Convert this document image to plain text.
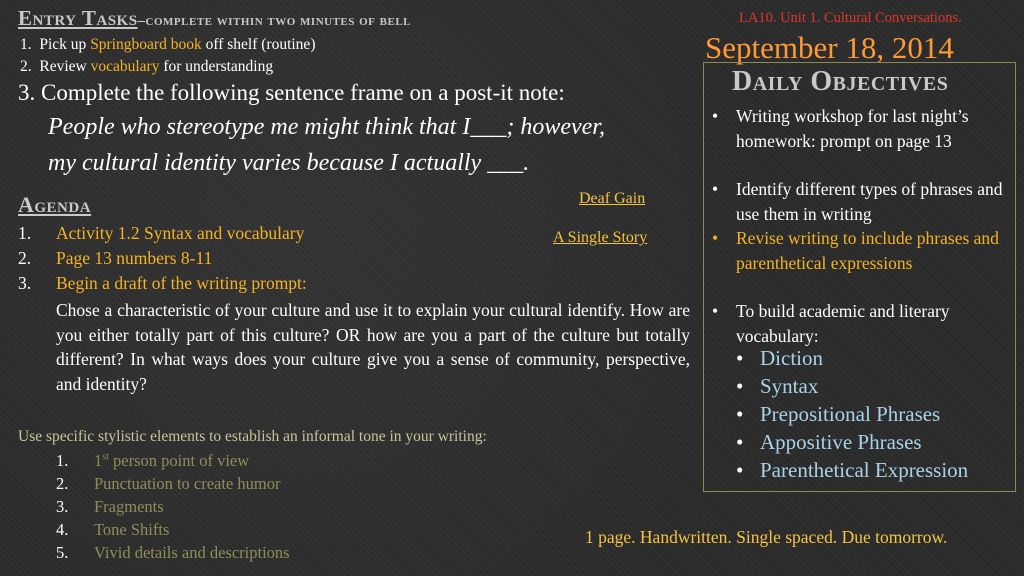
Entry Tasks–complete within two minutes of bell	LA10. Unit 1. Cultural Conversations.
September 18, 2014
1. Pick up Springboard book off shelf (routine)
2. Review vocabulary for understanding
3. Complete the following sentence frame on a post-it note:
People who stereotype me might think that I___; however,
my cultural identity varies because I actually ___.
Agenda	Deaf Gain
A Single Story
1. Activity 1.2 Syntax and vocabulary
2. Page 13 numbers 8-11
3. Begin a draft of the writing prompt:
Chose a characteristic of your culture and use it to explain your cultural identify. How are you either totally part of this culture? OR how are you a part of the culture but totally different? In what ways does your culture give you a sense of community, perspective, and identity?
Use specific stylistic elements to establish an informal tone in your writing:
1. 1st person point of view
2. Punctuation to create humor
3. Fragments
4. Tone Shifts
5. Vivid details and descriptions
Daily Objectives
• Writing workshop for last night’s homework: prompt on page 13
• Identify different types of phrases and use them in writing
• Revise writing to include phrases and parenthetical expressions
• To build academic and literary vocabulary:
• Diction
• Syntax
• Prepositional Phrases
• Appositive Phrases
• Parenthetical Expression
1 page. Handwritten. Single spaced. Due tomorrow.
